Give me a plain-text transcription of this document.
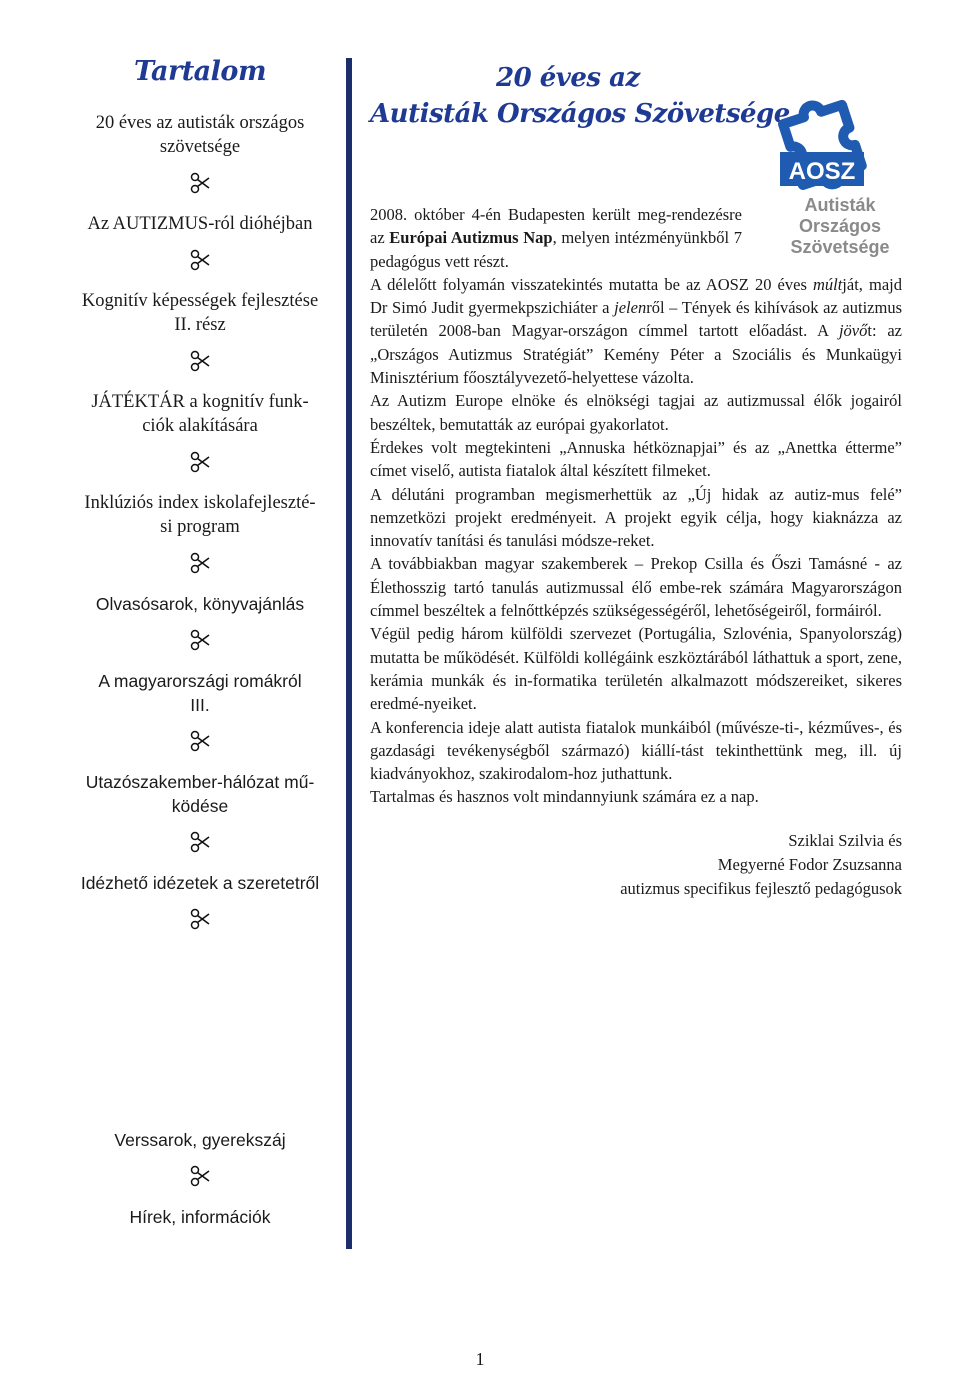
Tartalom

20 éves az autisták országos
szövetsége

Az AUTIZMUS-ról dióhéjban

Kognitív képességek fejlesztése
II. rész

JÁTÉKTÁR a kognitív funk-
ciók alakítására

Inklúziós index iskolafejleszté-
si program

Olvasósarok, könyvajánlás

A magyarországi romákról
III.

Utazószakember-hálózat mű-
ködése

Idézhető idézetek a szeretetről

Verssarok, gyerekszáj

Hírek, információk

20 éves az
Autisták Országos Szövetsége
AOSZ
Autisták
Országos
Szövetsége

2008. október 4-én Budapesten került meg-rendezésre az Európai Autizmus Nap, melyen intézményünkből 7 pedagógus vett részt.

A délelőtt folyamán visszatekintés mutatta be az AOSZ 20 éves múltját, majd Dr Simó Judit gyermekpszichiáter a jelenről – Tények és kihívások az autizmus területén 2008-ban Magyar-országon címmel tartott előadást. A jövőt: az „Országos Autizmus Stratégiát” Kemény Péter a Szociális és Munkaügyi Minisztérium főosztályvezető-helyettese vázolta.

Az Autizm Europe elnöke és elnökségi tagjai az autizmussal élők jogairól beszéltek, bemutatták az európai gyakorlatot.

Érdekes volt megtekinteni „Annuska hétköznapjai” és az „Anettka étterme” címet viselő, autista fiatalok által készített filmeket.

A délutáni programban megismerhettük az „Új hidak az autiz-mus felé” nemzetközi projekt eredményeit. A projekt egyik célja, hogy kiaknázza az innovatív tanítási és tanulási módsze-reket.

A továbbiakban magyar szakemberek – Prekop Csilla és Őszi Tamásné - az Élethosszig tartó tanulás autizmussal élő embe-rek számára Magyarországon címmel beszéltek a felnőttképzés szükségességéről, lehetőségeiről, formáiról.

Végül pedig három külföldi szervezet (Portugália, Szlovénia, Spanyolország) mutatta be működését. Külföldi kollégáink eszköztárából láthattuk a sport, zene, kerámia munkák és in-formatika területén alkalmazott módszereiket, sikeres eredmé-nyeiket.

A konferencia ideje alatt autista fiatalok munkáiból (művésze-ti-, kézműves-, és gazdasági tevékenységből származó) kiállí-tást tekinthettünk meg, ill. új kiadványokhoz, szakirodalom-hoz juthattunk.

Tartalmas és hasznos volt mindannyiunk számára ez a nap.

Sziklai Szilvia és
Megyerné Fodor Zsuzsanna
autizmus specifikus fejlesztő pedagógusok

1
